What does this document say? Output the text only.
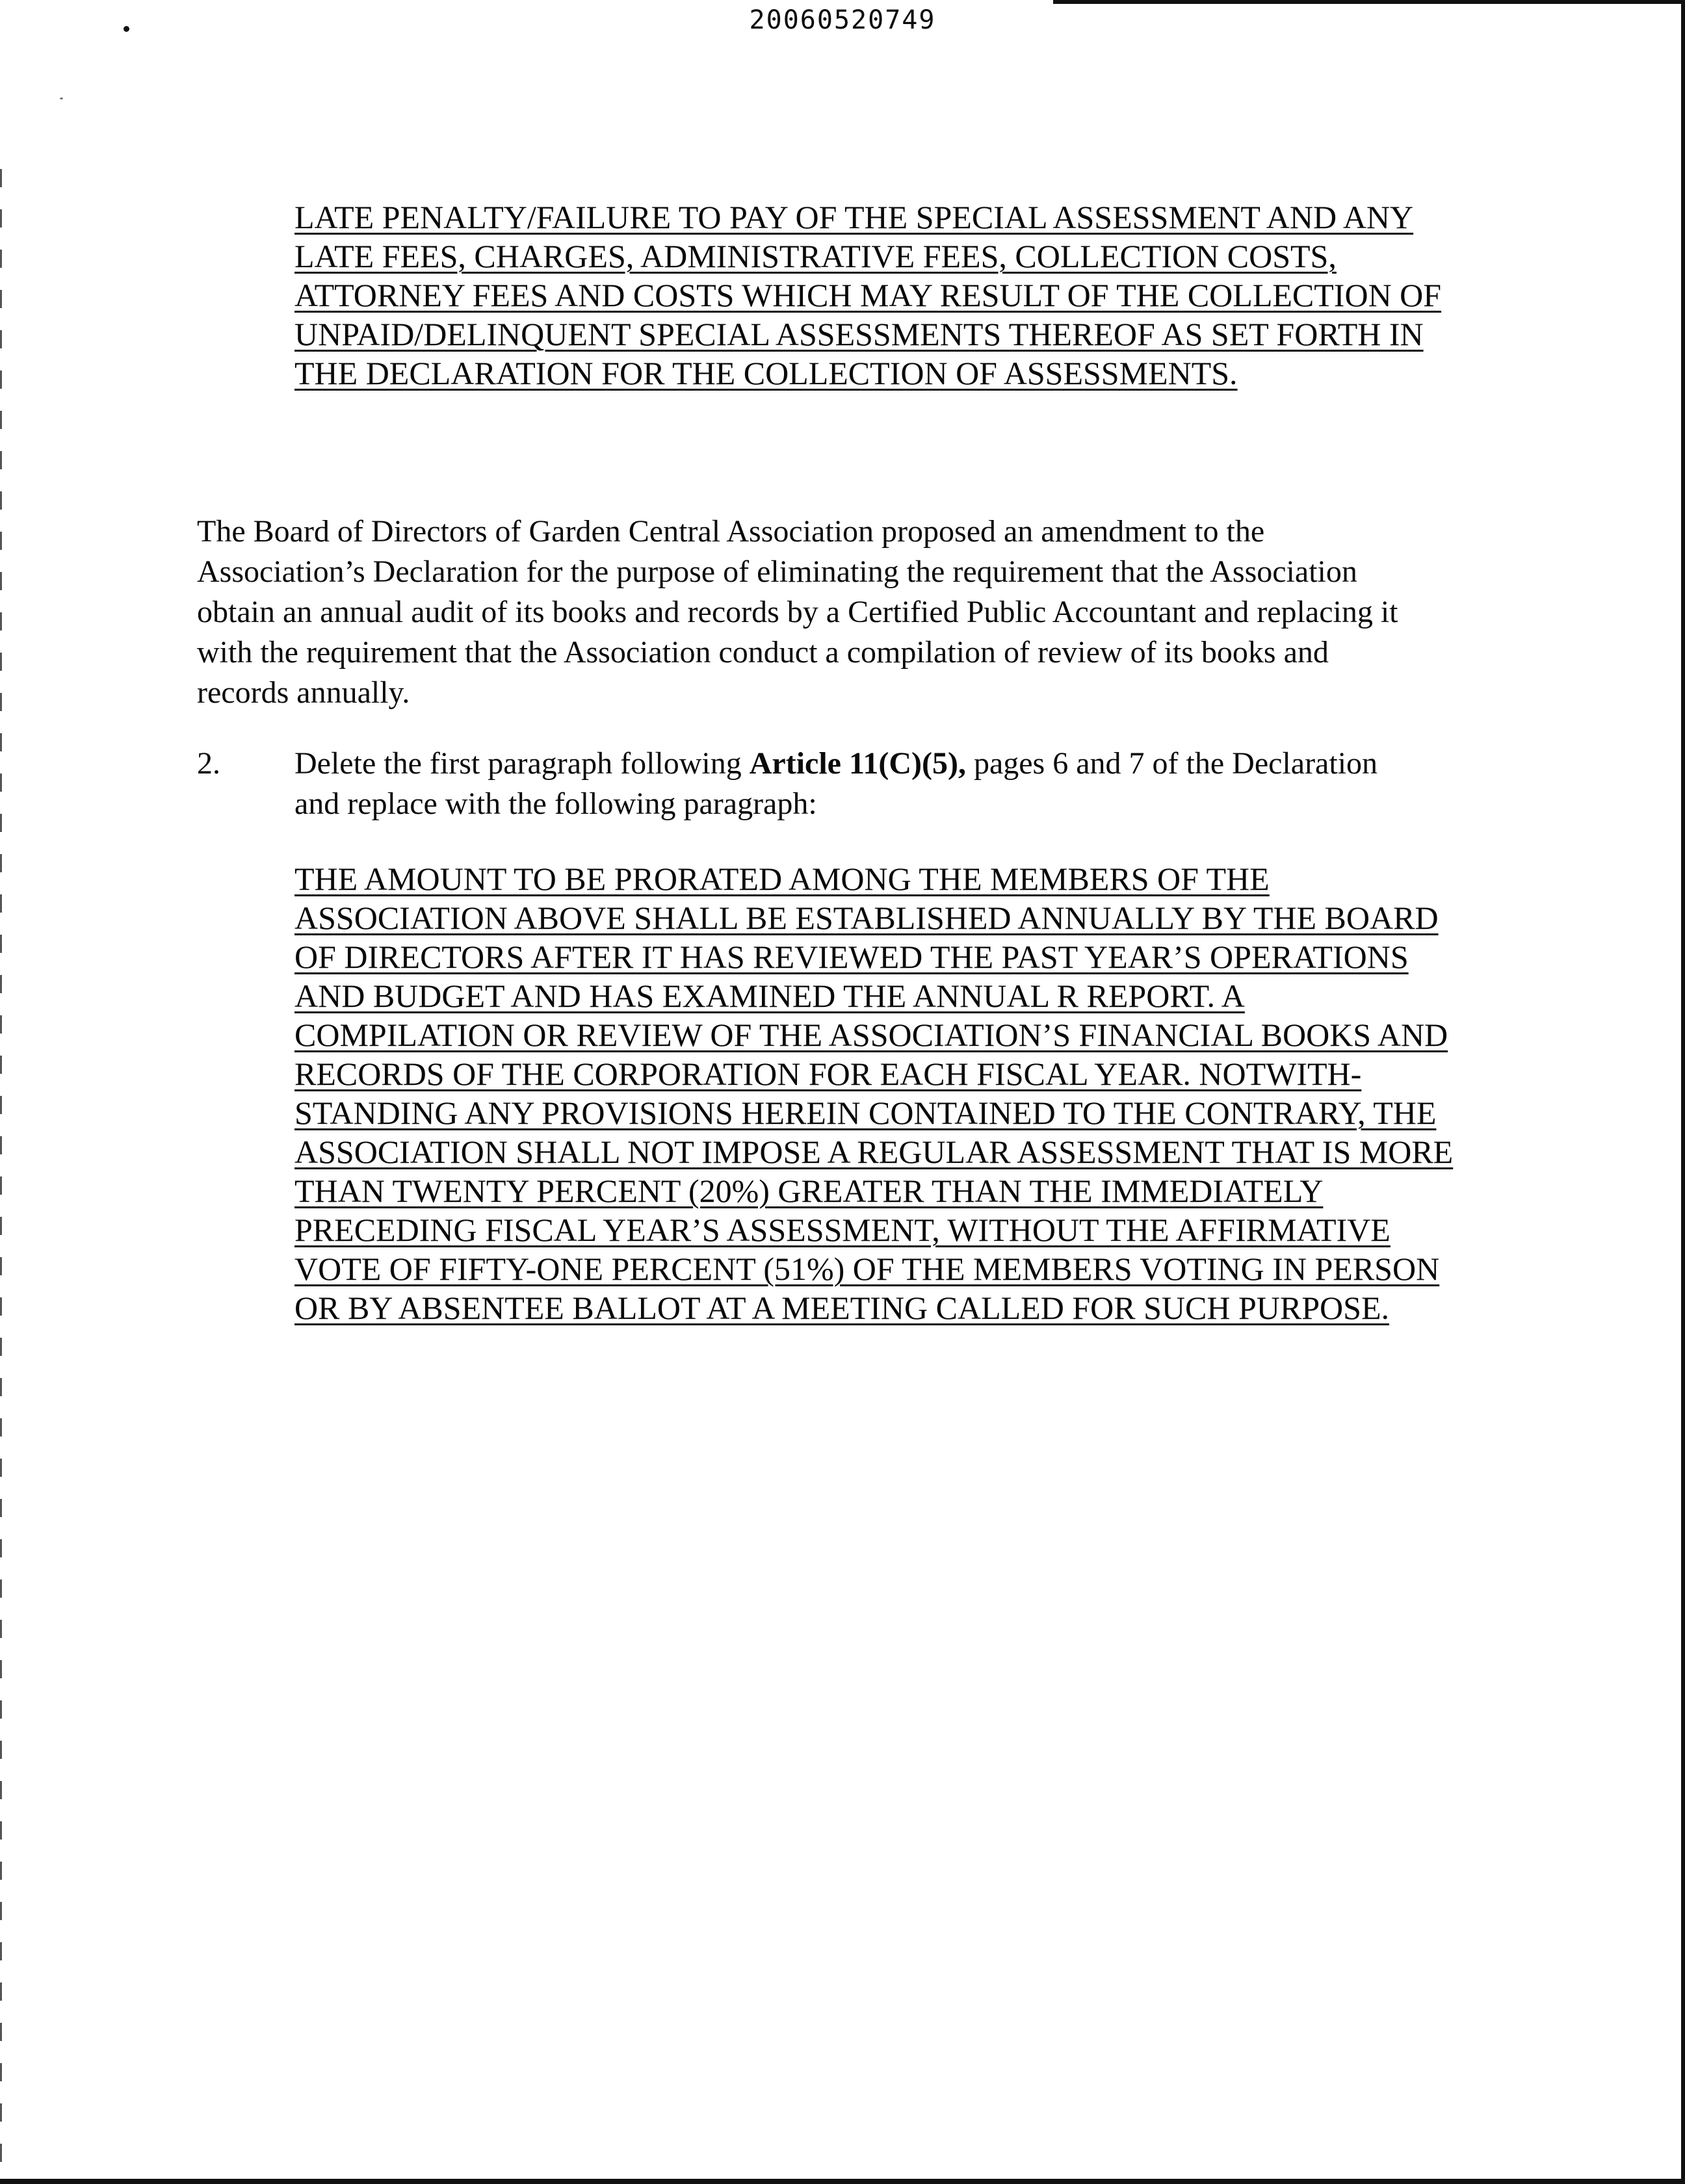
20060520749
LATE PENALTY/FAILURE TO PAY OF THE SPECIAL ASSESSMENT AND ANY
LATE FEES, CHARGES, ADMINISTRATIVE FEES, COLLECTION COSTS,
ATTORNEY FEES AND COSTS WHICH MAY RESULT OF THE COLLECTION OF
UNPAID/DELINQUENT SPECIAL ASSESSMENTS THEREOF AS SET FORTH IN
THE DECLARATION FOR THE COLLECTION OF ASSESSMENTS.
The Board of Directors of Garden Central Association proposed an amendment to the
Association’s Declaration for the purpose of eliminating the requirement that the Association
obtain an annual audit of its books and records by a Certified Public Accountant and replacing it
with the requirement that the Association conduct a compilation of review of its books and
records annually.
2. Delete the first paragraph following Article 11(C)(5), pages 6 and 7 of the Declaration
and replace with the following paragraph:
THE AMOUNT TO BE PRORATED AMONG THE MEMBERS OF THE
ASSOCIATION ABOVE SHALL BE ESTABLISHED ANNUALLY BY THE BOARD
OF DIRECTORS AFTER IT HAS REVIEWED THE PAST YEAR’S OPERATIONS
AND BUDGET AND HAS EXAMINED THE ANNUAL R REPORT. A
COMPILATION OR REVIEW OF THE ASSOCIATION’S FINANCIAL BOOKS AND
RECORDS OF THE CORPORATION FOR EACH FISCAL YEAR. NOTWITH-
STANDING ANY PROVISIONS HEREIN CONTAINED TO THE CONTRARY, THE
ASSOCIATION SHALL NOT IMPOSE A REGULAR ASSESSMENT THAT IS MORE
THAN TWENTY PERCENT (20%) GREATER THAN THE IMMEDIATELY
PRECEDING FISCAL YEAR’S ASSESSMENT, WITHOUT THE AFFIRMATIVE
VOTE OF FIFTY-ONE PERCENT (51%) OF THE MEMBERS VOTING IN PERSON
OR BY ABSENTEE BALLOT AT A MEETING CALLED FOR SUCH PURPOSE.
